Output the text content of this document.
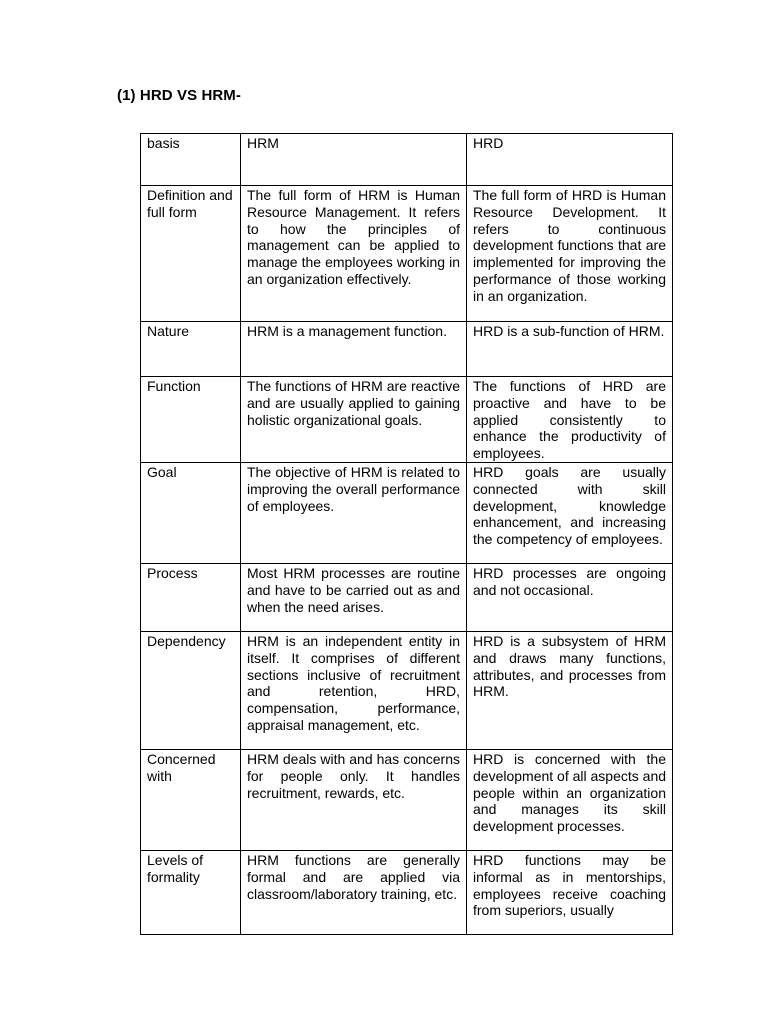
(1) HRD VS HRM-
basis	HRM	HRD
Definition and full form	The full form of HRM is Human Resource Management. It refers to how the principles of management can be applied to manage the employees working in an organization effectively.	The full form of HRD is Human Resource Development. It refers to continuous development functions that are implemented for improving the performance of those working in an organization.
Nature	HRM is a management function.	HRD is a sub-function of HRM.
Function	The functions of HRM are reactive and are usually applied to gaining holistic organizational goals.	The functions of HRD are proactive and have to be applied consistently to enhance the productivity of employees.
Goal	The objective of HRM is related to improving the overall performance of employees.	HRD goals are usually connected with skill development, knowledge enhancement, and increasing the competency of employees.
Process	Most HRM processes are routine and have to be carried out as and when the need arises.	HRD processes are ongoing and not occasional.
Dependency	HRM is an independent entity in itself. It comprises of different sections inclusive of recruitment and retention, HRD, compensation, performance, appraisal management, etc.	HRD is a subsystem of HRM and draws many functions, attributes, and processes from HRM.
Concerned with	HRM deals with and has concerns for people only. It handles recruitment, rewards, etc.	HRD is concerned with the development of all aspects and people within an organization and manages its skill development processes.
Levels of formality	HRM functions are generally formal and are applied via classroom/laboratory training, etc.	HRD functions may be informal as in mentorships, employees receive coaching from superiors, usually
